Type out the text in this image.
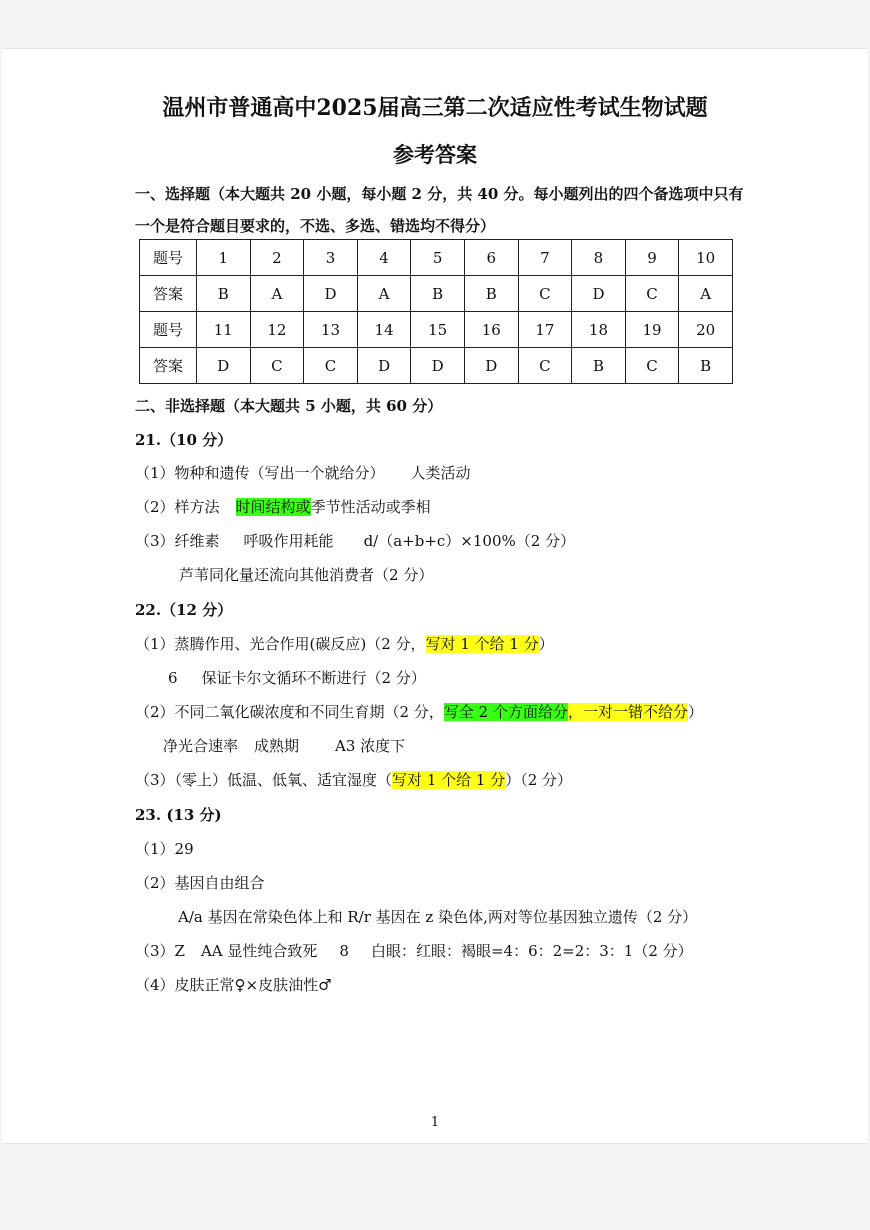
温州市普通高中2025届高三第二次适应性考试生物试题
参考答案
一、选择题（本大题共 20 小题，每小题 2 分，共 40 分。每小题列出的四个备选项中只有
一个是符合题目要求的，不选、多选、错选均不得分）
题号	1	2	3	4	5	6	7	8	9	10
答案	B	A	D	A	B	B	C	D	C	A
题号	11	12	13	14	15	16	17	18	19	20
答案	D	C	C	D	D	D	C	B	C	B
二、非选择题（本大题共 5 小题，共 60 分）
21.（10 分）
（1）物种和遗传（写出一个就给分） 人类活动
（2）样方法 时间结构或季节性活动或季相
（3）纤维素 呼吸作用耗能 d/（a+b+c）×100%（2 分）
芦苇同化量还流向其他消费者（2 分）
22.（12 分）
（1）蒸腾作用、光合作用(碳反应)（2 分，写对 1 个给 1 分）
6 保证卡尔文循环不断进行（2 分）
（2）不同二氧化碳浓度和不同生育期（2 分，写全 2 个方面给分，一对一错不给分）
净光合速率 成熟期 A3 浓度下
（3）（零上）低温、低氧、适宜湿度（写对 1 个给 1 分）（2 分）
23. (13 分)
（1）29
（2）基因自由组合
A/a 基因在常染色体上和 R/r 基因在 z 染色体,两对等位基因独立遗传（2 分）
（3）Z AA 显性纯合致死 8 白眼：红眼：褐眼=4：6：2=2：3：1（2 分）
（4）皮肤正常♀×皮肤油性♂
1
